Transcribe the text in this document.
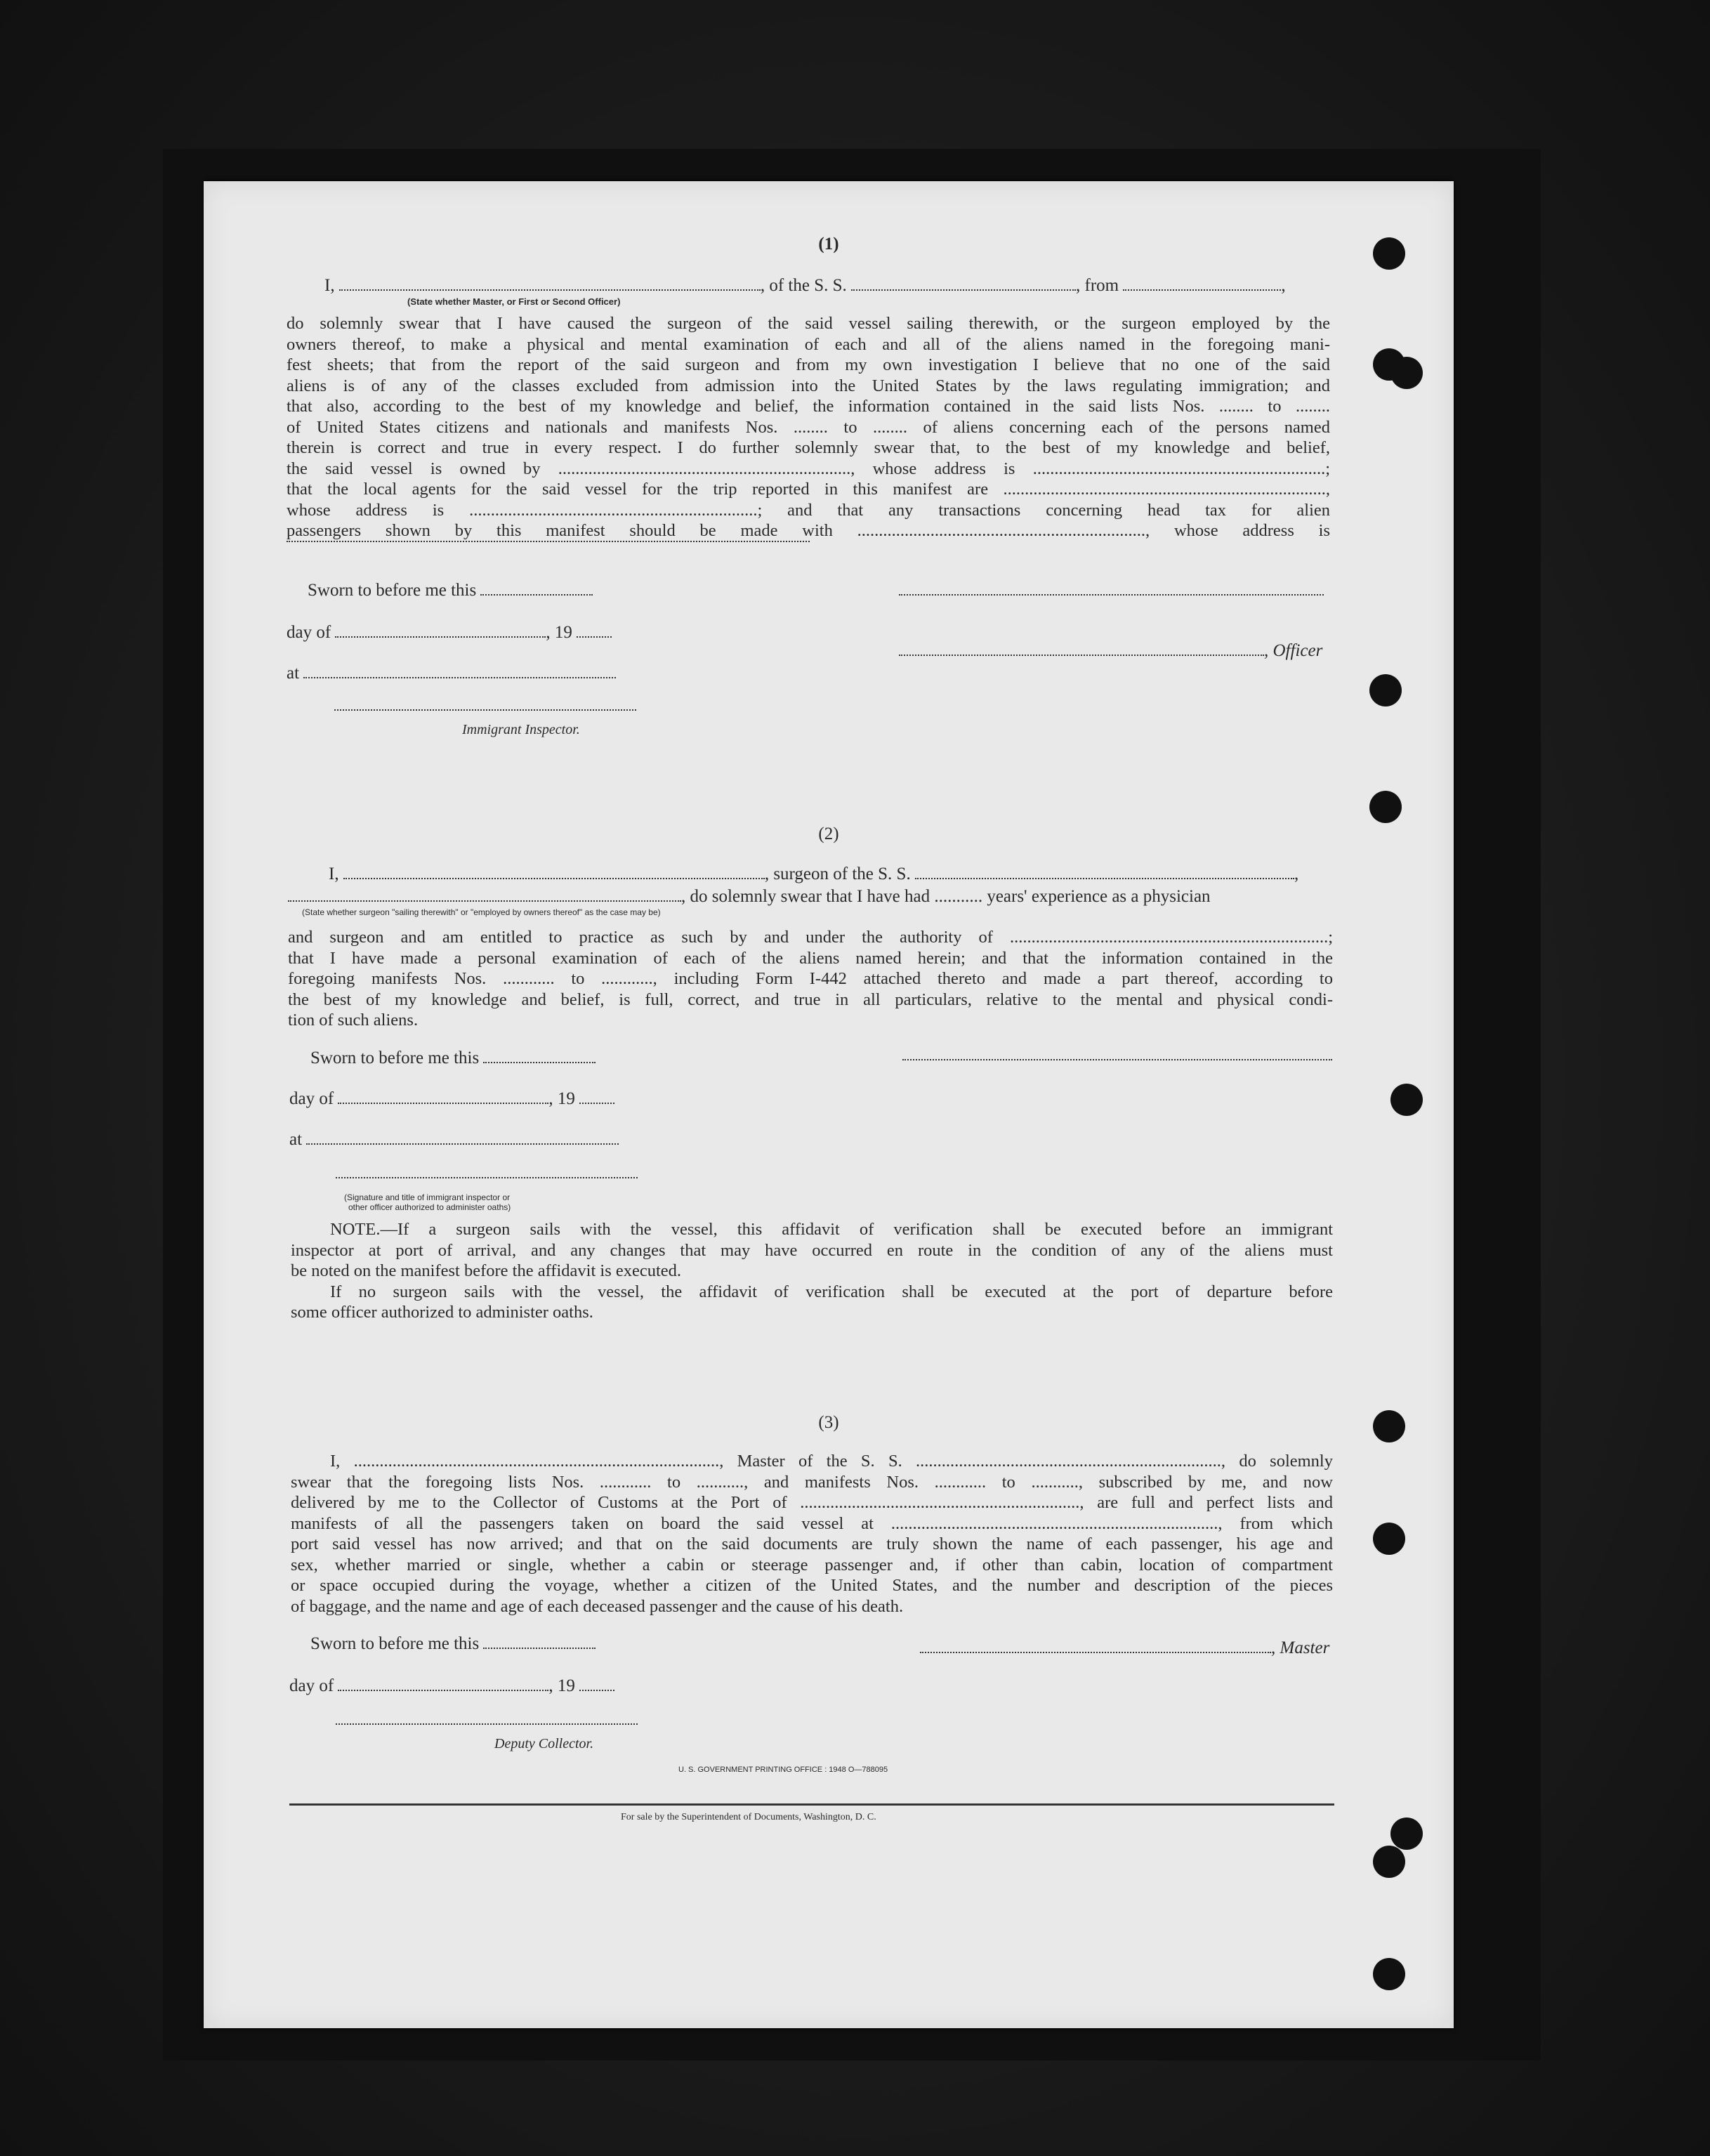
(1)
I,	, of the S. S.	, from	,
(State whether Master, or First or Second Officer)
do solemnly swear that I have caused the surgeon of the said vessel sailing therewith, or the surgeon employed by the
owners thereof, to make a physical and mental examination of each and all of the aliens named in the foregoing mani-
fest sheets; that from the report of the said surgeon and from my own investigation I believe that no one of the said
aliens is of any of the classes excluded from admission into the United States by the laws regulating immigration; and
that also, according to the best of my knowledge and belief, the information contained in the said lists Nos. ........ to ........
of United States citizens and nationals and manifests Nos. ........ to ........ of aliens concerning each of the persons named
therein is correct and true in every respect. I do further solemnly swear that, to the best of my knowledge and belief,
the said vessel is owned by ...................................................................., whose address is ....................................................................;
that the local agents for the said vessel for the trip reported in this manifest are ...........................................................................,
whose address is ...................................................................; and that any transactions concerning head tax for alien
passengers shown by this manifest should be made with ..................................................................., whose address is
Sworn to before me this
day of	, 19
at
Immigrant Inspector.
, Officer
(2)
I,	, surgeon of the S. S.	,
, do solemnly swear that I have had ........... years' experience as a physician
(State whether surgeon "sailing therewith" or "employed by owners thereof" as the case may be)
and surgeon and am entitled to practice as such by and under the authority of ..........................................................................;
that I have made a personal examination of each of the aliens named herein; and that the information contained in the
foregoing manifests Nos. ............ to ............, including Form I-442 attached thereto and made a part thereof, according to
the best of my knowledge and belief, is full, correct, and true in all particulars, relative to the mental and physical condi-
tion of such aliens.
Sworn to before me this
day of	, 19
at
(Signature and title of immigrant inspector or
other officer authorized to administer oaths)
NOTE.—If a surgeon sails with the vessel, this affidavit of verification shall be executed before an immigrant
inspector at port of arrival, and any changes that may have occurred en route in the condition of any of the aliens must
be noted on the manifest before the affidavit is executed.
If no surgeon sails with the vessel, the affidavit of verification shall be executed at the port of departure before
some officer authorized to administer oaths.
(3)
I, ....................................................................................., Master of the S. S. ......................................................................., do solemnly
swear that the foregoing lists Nos. ............ to ..........., and manifests Nos. ............ to ..........., subscribed by me, and now
delivered by me to the Collector of Customs at the Port of ................................................................., are full and perfect lists and
manifests of all the passengers taken on board the said vessel at ............................................................................, from which
port said vessel has now arrived; and that on the said documents are truly shown the name of each passenger, his age and
sex, whether married or single, whether a cabin or steerage passenger and, if other than cabin, location of compartment
or space occupied during the voyage, whether a citizen of the United States, and the number and description of the pieces
of baggage, and the name and age of each deceased passenger and the cause of his death.
Sworn to before me this	, Master
day of	, 19
Deputy Collector.
U. S. GOVERNMENT PRINTING OFFICE : 1948 O—788095
For sale by the Superintendent of Documents, Washington, D. C.
